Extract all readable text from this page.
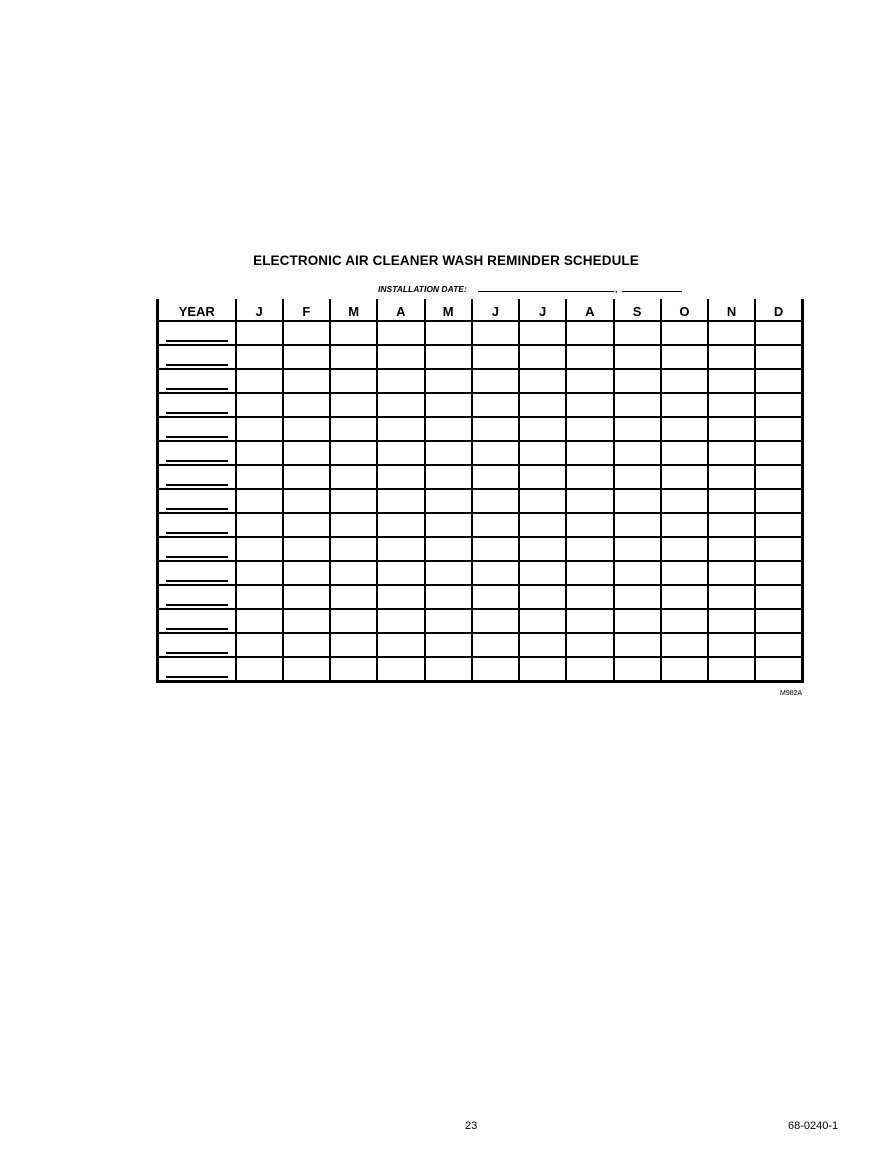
ELECTRONIC AIR CLEANER WASH REMINDER SCHEDULE
INSTALLATION DATE:	,
YEAR	J	F	M	A	M	J	J	A	S	O	N	D

M982A
23	68-0240-1
